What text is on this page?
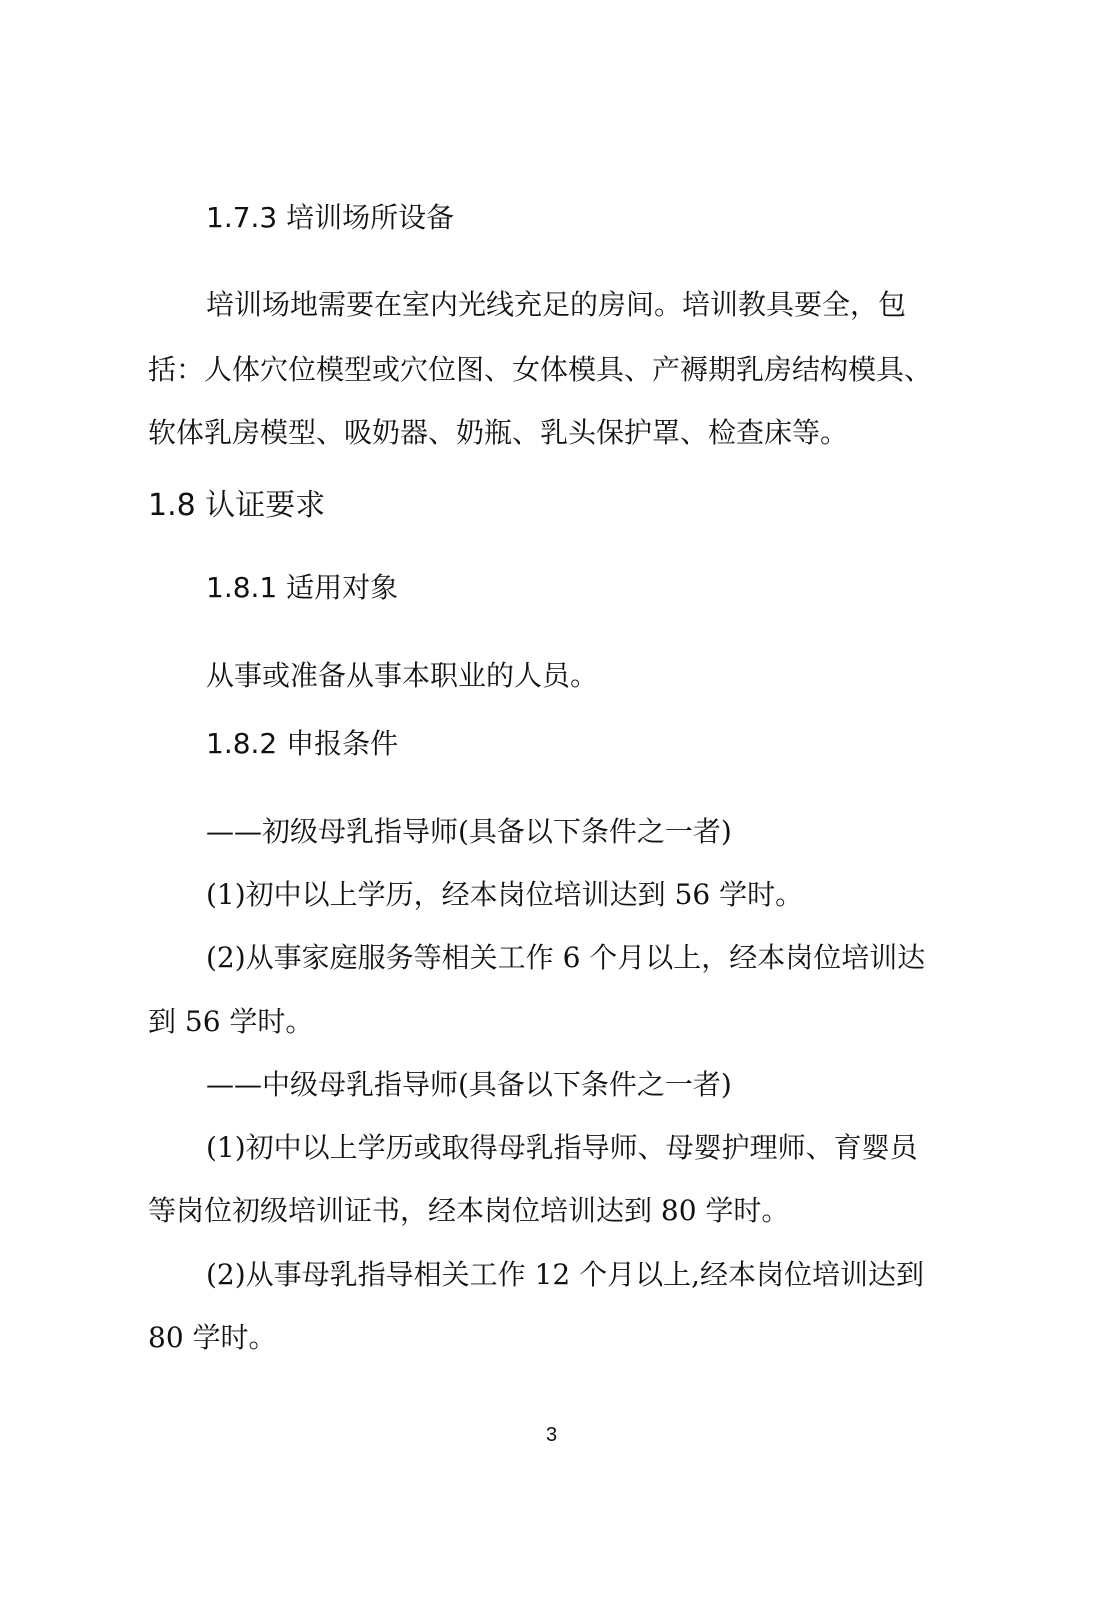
1.7.3 培训场所设备

培训场地需要在室内光线充足的房间。培训教具要全，包

括：人体穴位模型或穴位图、女体模具、产褥期乳房结构模具、

软体乳房模型、吸奶器、奶瓶、乳头保护罩、检查床等。

1.8 认证要求
1.8.1 适用对象

从事或准备从事本职业的人员。

1.8.2 申报条件

——初级母乳指导师(具备以下条件之一者)

(1)初中以上学历，经本岗位培训达到 56 学时。

(2)从事家庭服务等相关工作 6 个月以上，经本岗位培训达

到 56 学时。

——中级母乳指导师(具备以下条件之一者)

(1)初中以上学历或取得母乳指导师、母婴护理师、育婴员

等岗位初级培训证书，经本岗位培训达到 80 学时。

(2)从事母乳指导相关工作 12 个月以上,经本岗位培训达到

80 学时。

3
